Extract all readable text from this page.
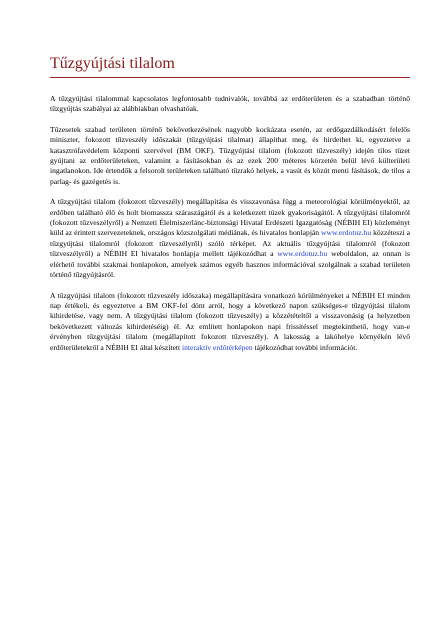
Tűzgyújtási tilalom

A tűzgyújtási tilalommal kapcsolatos legfontosabb tudnivalók, továbbá az erdőterületen és a szabadban történő tűzgyújtás szabályai az alábbiakban olvashatóak.

Tűzesetek szabad területen történő bekövetkezésének nagyobb kockázata esetén, az erdőgazdálkodásért felelős miniszter, fokozott tűzveszély időszakát (tűzgyújtási tilalmat) állapíthat meg, és hirdethet ki, egyeztetve a katasztrófavédelem központi szervével (BM OKF). Tűzgyújtási tilalom (fokozott tűzveszély) idején tilos tüzet gyújtani az erdőterületeken, valamint a fásításokban és az ezek 200 méteres körzetén belül lévő külterületi ingatlanokon. Ide értendők a felsorolt területeken található tűzrakó helyek, a vasút és közút menti fásítások, de tilos a parlag- és gazégetés is.

A tűzgyújtási tilalom (fokozott tűzveszély) megállapítása és visszavonása függ a meteorológiai körülményektől, az erdőben található élő és holt biomassza száraszágától és a keletkezett tüzek gyakoriságától. A tűzgyújtási tilalomról (fokozott tűzveszélyről) a Nemzeti Élelmiszerlánc-biztonsági Hivatal Erdészeti Igazgatóság (NÉBIH EI) közleményt küld az érintett szervezeteknek, országos közszolgálati médiának, és hivatalos honlapján www.erdotuz.hu közzéteszi a tűzgyújtási tilalomról (fokozott tűzveszélyről) szóló térképet. Az aktuális tűzgyújtási tilalomról (fokozott tűzveszélyről) a NÉBIH EI hivatalos honlapja mellett tájékozódhat a www.erdotuz.hu weboldalon, az onnan is elérhető további szakmai honlapokon, amelyek számos egyéb hasznos információval szolgálnak a szabad területen történő tűzgyújtásról.

A tűzgyújtási tilalom (fokozott tűzveszély időszaka) megállapítására vonatkozó körülményeket a NÉBIH EI minden nap értékeli, és egyeztetve a BM OKF-fel dönt arról, hogy a következő napon szükséges-e tűzgyújtási tilalom kihirdetése, vagy nem. A tűzgyújtási tilalom (fokozott tűzveszély) a közzétételtől a visszavonásig (a helyzetben bekövetkezett változás kihirdetéséig) él. Az említett honlapokon napi frissítéssel megtekinthető, hogy van-e érvényben tűzgyújtási tilalom (megállapított fokozott tűzveszély). A lakosság a lakóhelye környékén lévő erdőterületekről a NÉBIH EI által készített interaktív erdőtérképen tájékozódhat további információt.
